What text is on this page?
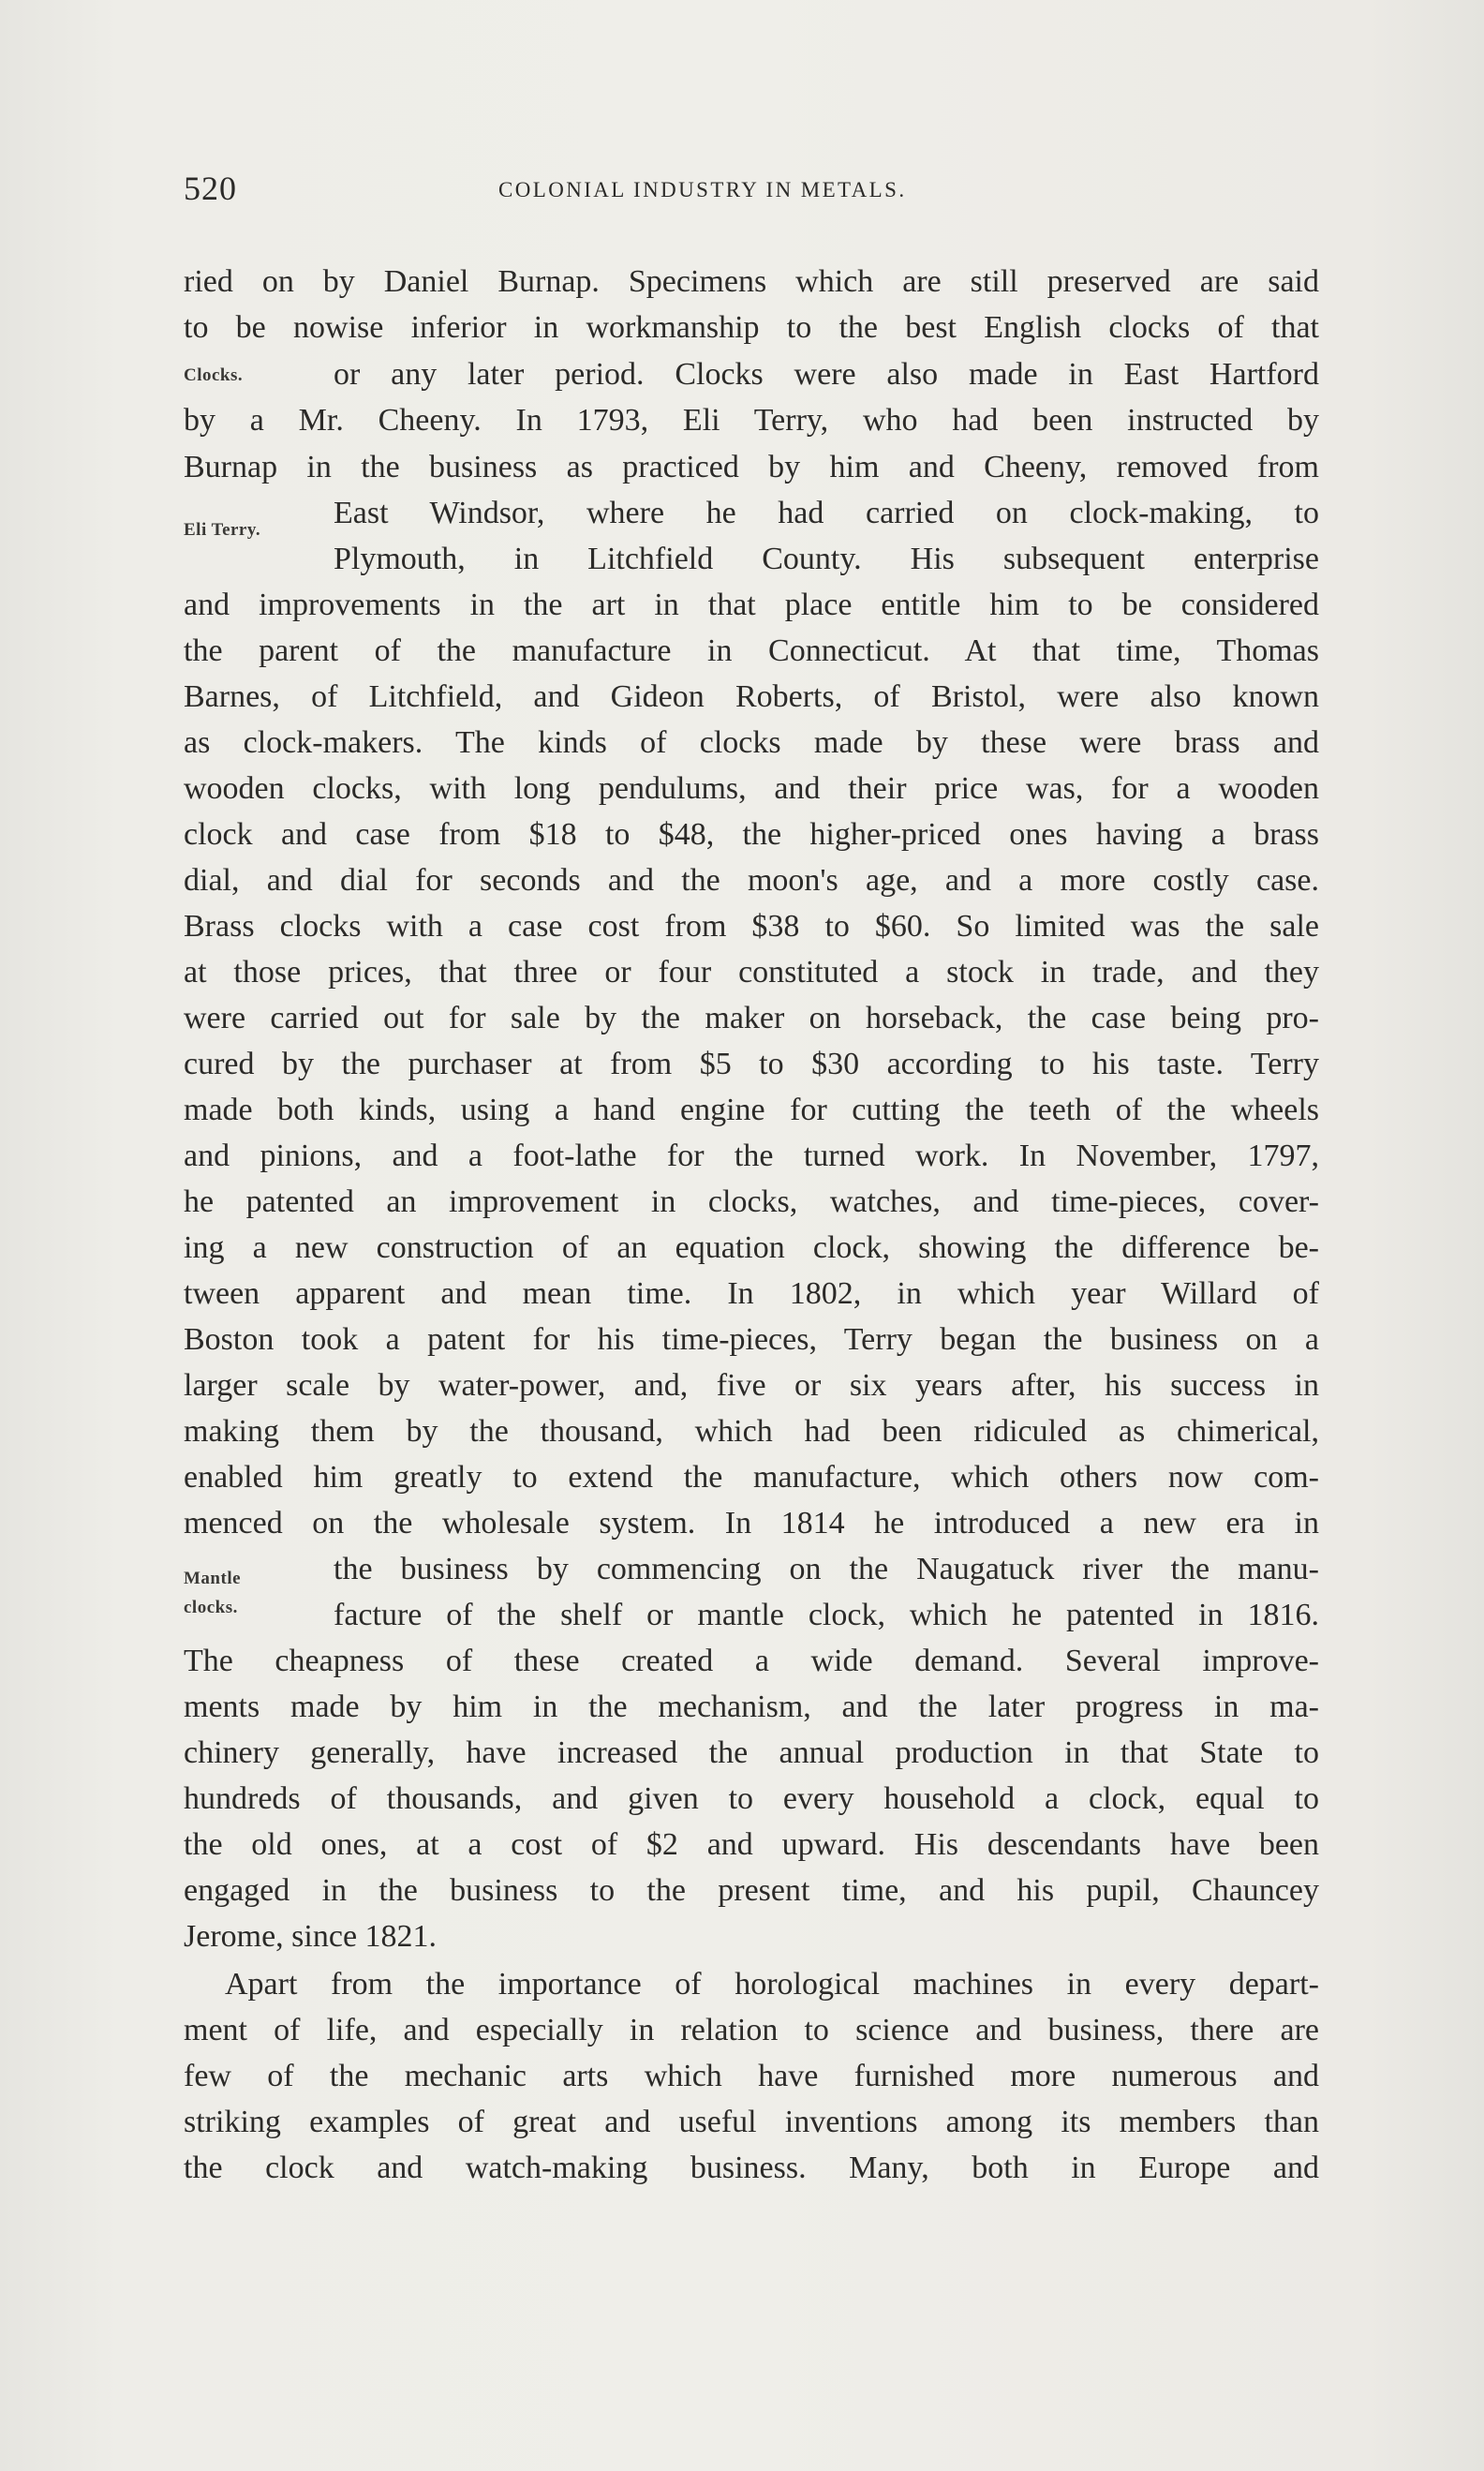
520	COLONIAL INDUSTRY IN METALS.
Clocks.
Eli Terry.
Mantle
clocks.
ried on by Daniel Burnap. Specimens which are still preserved are said
to be nowise inferior in workmanship to the best English clocks of that
or any later period. Clocks were also made in East Hartford
by a Mr. Cheeny. In 1793, Eli Terry, who had been instructed by
Burnap in the business as practiced by him and Cheeny, removed from
East Windsor, where he had carried on clock-making, to
Plymouth, in Litchfield County. His subsequent enterprise
and improvements in the art in that place entitle him to be considered
the parent of the manufacture in Connecticut. At that time, Thomas
Barnes, of Litchfield, and Gideon Roberts, of Bristol, were also known
as clock-makers. The kinds of clocks made by these were brass and
wooden clocks, with long pendulums, and their price was, for a wooden
clock and case from $18 to $48, the higher-priced ones having a brass
dial, and dial for seconds and the moon's age, and a more costly case.
Brass clocks with a case cost from $38 to $60. So limited was the sale
at those prices, that three or four constituted a stock in trade, and they
were carried out for sale by the maker on horseback, the case being pro-
cured by the purchaser at from $5 to $30 according to his taste. Terry
made both kinds, using a hand engine for cutting the teeth of the wheels
and pinions, and a foot-lathe for the turned work. In November, 1797,
he patented an improvement in clocks, watches, and time-pieces, cover-
ing a new construction of an equation clock, showing the difference be-
tween apparent and mean time. In 1802, in which year Willard of
Boston took a patent for his time-pieces, Terry began the business on a
larger scale by water-power, and, five or six years after, his success in
making them by the thousand, which had been ridiculed as chimerical,
enabled him greatly to extend the manufacture, which others now com-
menced on the wholesale system. In 1814 he introduced a new era in
the business by commencing on the Naugatuck river the manu-
facture of the shelf or mantle clock, which he patented in 1816.
The cheapness of these created a wide demand. Several improve-
ments made by him in the mechanism, and the later progress in ma-
chinery generally, have increased the annual production in that State to
hundreds of thousands, and given to every household a clock, equal to
the old ones, at a cost of $2 and upward. His descendants have been
engaged in the business to the present time, and his pupil, Chauncey
Jerome, since 1821.
Apart from the importance of horological machines in every depart-
ment of life, and especially in relation to science and business, there are
few of the mechanic arts which have furnished more numerous and
striking examples of great and useful inventions among its members than
the clock and watch-making business. Many, both in Europe and
